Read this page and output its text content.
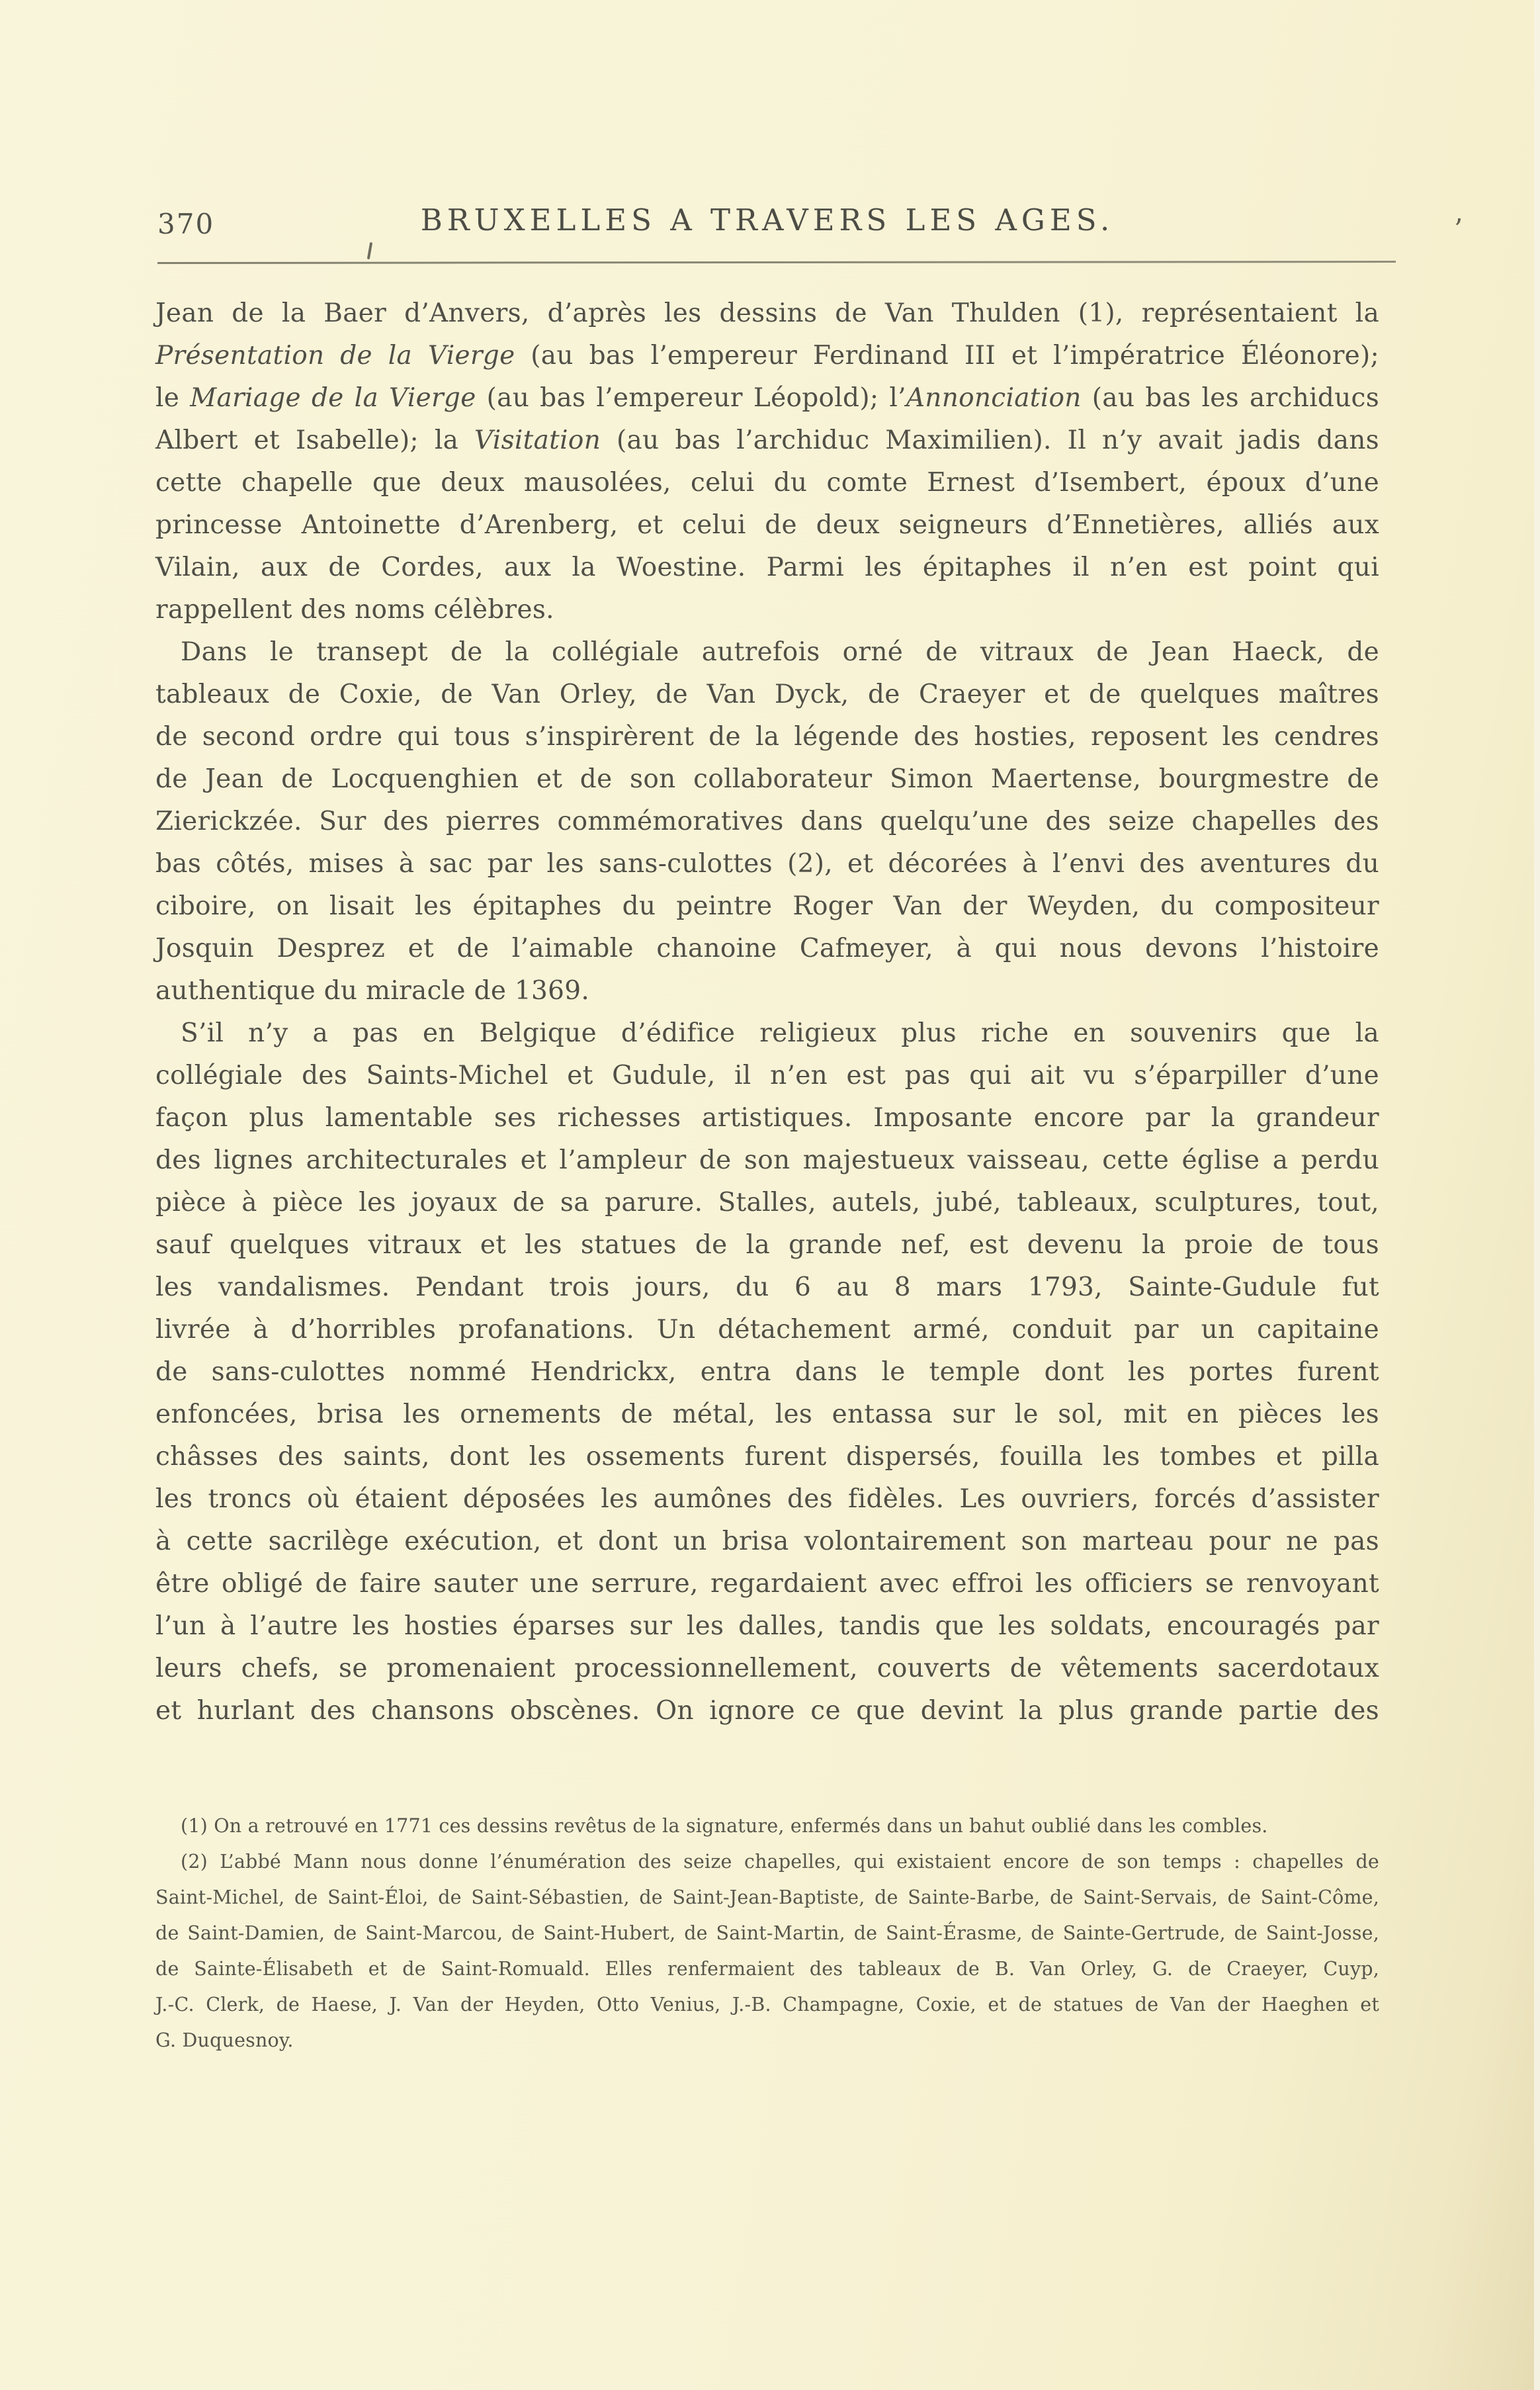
370	BRUXELLES A TRAVERS LES AGES.	’
Jean de la Baer d’Anvers, d’après les dessins de Van Thulden (1), représentaient la
Présentation de la Vierge (au bas l’empereur Ferdinand III et l’impératrice Éléonore);
le Mariage de la Vierge (au bas l’empereur Léopold); l’Annonciation (au bas les archiducs
Albert et Isabelle); la Visitation (au bas l’archiduc Maximilien). Il n’y avait jadis dans
cette chapelle que deux mausolées, celui du comte Ernest d’Isembert, époux d’une
princesse Antoinette d’Arenberg, et celui de deux seigneurs d’Ennetières, alliés aux
Vilain, aux de Cordes, aux la Woestine. Parmi les épitaphes il n’en est point qui
rappellent des noms célèbres.
Dans le transept de la collégiale autrefois orné de vitraux de Jean Haeck, de
tableaux de Coxie, de Van Orley, de Van Dyck, de Craeyer et de quelques maîtres
de second ordre qui tous s’inspirèrent de la légende des hosties, reposent les cendres
de Jean de Locquenghien et de son collaborateur Simon Maertense, bourgmestre de
Zierickzée. Sur des pierres commémoratives dans quelqu’une des seize chapelles des
bas côtés, mises à sac par les sans-culottes (2), et décorées à l’envi des aventures du
ciboire, on lisait les épitaphes du peintre Roger Van der Weyden, du compositeur
Josquin Desprez et de l’aimable chanoine Cafmeyer, à qui nous devons l’histoire
authentique du miracle de 1369.
S’il n’y a pas en Belgique d’édifice religieux plus riche en souvenirs que la
collégiale des Saints-Michel et Gudule, il n’en est pas qui ait vu s’éparpiller d’une
façon plus lamentable ses richesses artistiques. Imposante encore par la grandeur
des lignes architecturales et l’ampleur de son majestueux vaisseau, cette église a perdu
pièce à pièce les joyaux de sa parure. Stalles, autels, jubé, tableaux, sculptures, tout,
sauf quelques vitraux et les statues de la grande nef, est devenu la proie de tous
les vandalismes. Pendant trois jours, du 6 au 8 mars 1793, Sainte-Gudule fut
livrée à d’horribles profanations. Un détachement armé, conduit par un capitaine
de sans-culottes nommé Hendrickx, entra dans le temple dont les portes furent
enfoncées, brisa les ornements de métal, les entassa sur le sol, mit en pièces les
châsses des saints, dont les ossements furent dispersés, fouilla les tombes et pilla
les troncs où étaient déposées les aumônes des fidèles. Les ouvriers, forcés d’assister
à cette sacrilège exécution, et dont un brisa volontairement son marteau pour ne pas
être obligé de faire sauter une serrure, regardaient avec effroi les officiers se renvoyant
l’un à l’autre les hosties éparses sur les dalles, tandis que les soldats, encouragés par
leurs chefs, se promenaient processionnellement, couverts de vêtements sacerdotaux
et hurlant des chansons obscènes. On ignore ce que devint la plus grande partie des
(1) On a retrouvé en 1771 ces dessins revêtus de la signature, enfermés dans un bahut oublié dans les combles.
(2) L’abbé Mann nous donne l’énumération des seize chapelles, qui existaient encore de son temps : chapelles de
Saint-Michel, de Saint-Éloi, de Saint-Sébastien, de Saint-Jean-Baptiste, de Sainte-Barbe, de Saint-Servais, de Saint-Côme,
de Saint-Damien, de Saint-Marcou, de Saint-Hubert, de Saint-Martin, de Saint-Érasme, de Sainte-Gertrude, de Saint-Josse,
de Sainte-Élisabeth et de Saint-Romuald. Elles renfermaient des tableaux de B. Van Orley, G. de Craeyer, Cuyp,
J.-C. Clerk, de Haese, J. Van der Heyden, Otto Venius, J.-B. Champagne, Coxie, et de statues de Van der Haeghen et
G. Duquesnoy.
